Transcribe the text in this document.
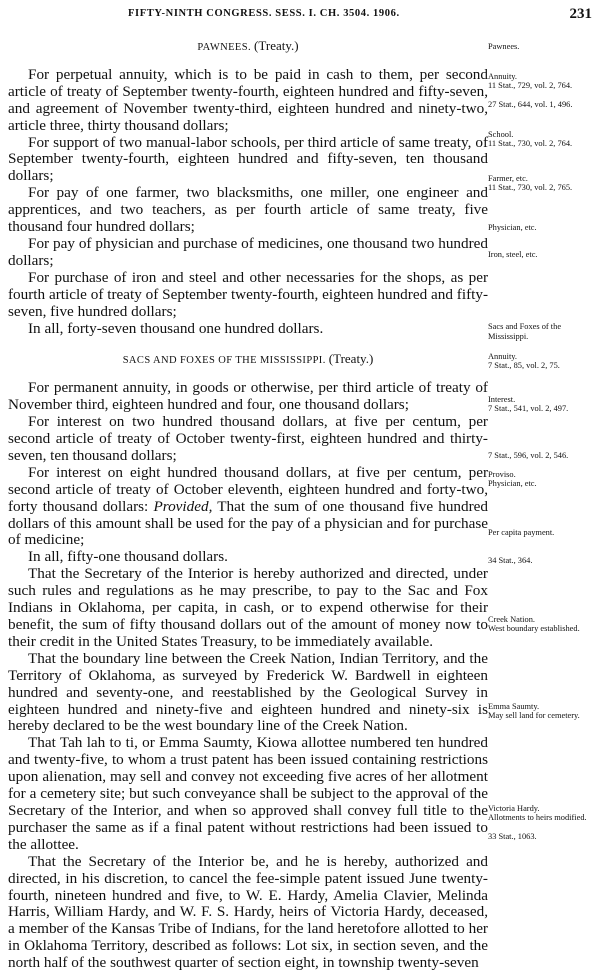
FIFTY-NINTH CONGRESS. SESS. I. CH. 3504. 1906.	231
PAWNEES. (Treaty.)

For perpetual annuity, which is to be paid in cash to them, per second article of treaty of September twenty-fourth, eighteen hundred and fifty-seven, and agreement of November twenty-third, eighteen hundred and ninety-two, article three, thirty thousand dollars;

For support of two manual-labor schools, per third article of same treaty, of September twenty-fourth, eighteen hundred and fifty-seven, ten thousand dollars;

For pay of one farmer, two blacksmiths, one miller, one engineer and apprentices, and two teachers, as per fourth article of same treaty, five thousand four hundred dollars;

For pay of physician and purchase of medicines, one thousand two hundred dollars;

For purchase of iron and steel and other necessaries for the shops, as per fourth article of treaty of September twenty-fourth, eighteen hundred and fifty-seven, five hundred dollars;

In all, forty-seven thousand one hundred dollars.

SACS AND FOXES OF THE MISSISSIPPI. (Treaty.)

For permanent annuity, in goods or otherwise, per third article of treaty of November third, eighteen hundred and four, one thousand dollars;

For interest on two hundred thousand dollars, at five per centum, per second article of treaty of October twenty-first, eighteen hundred and thirty-seven, ten thousand dollars;

For interest on eight hundred thousand dollars, at five per centum, per second article of treaty of October eleventh, eighteen hundred and forty-two, forty thousand dollars: Provided, That the sum of one thousand five hundred dollars of this amount shall be used for the pay of a physician and for purchase of medicine;

In all, fifty-one thousand dollars.

That the Secretary of the Interior is hereby authorized and directed, under such rules and regulations as he may prescribe, to pay to the Sac and Fox Indians in Oklahoma, per capita, in cash, or to expend otherwise for their benefit, the sum of fifty thousand dollars out of the amount of money now to their credit in the United States Treasury, to be immediately available.

That the boundary line between the Creek Nation, Indian Territory, and the Territory of Oklahoma, as surveyed by Frederick W. Bardwell in eighteen hundred and seventy-one, and reestablished by the Geological Survey in eighteen hundred and ninety-five and eighteen hundred and ninety-six is hereby declared to be the west boundary line of the Creek Nation.

That Tah lah to ti, or Emma Saumty, Kiowa allottee numbered ten hundred and twenty-five, to whom a trust patent has been issued containing restrictions upon alienation, may sell and convey not exceeding five acres of her allotment for a cemetery site; but such conveyance shall be subject to the approval of the Secretary of the Interior, and when so approved shall convey full title to the purchaser the same as if a final patent without restrictions had been issued to the allottee.

That the Secretary of the Interior be, and he is hereby, authorized and directed, in his discretion, to cancel the fee-simple patent issued June twenty-fourth, nineteen hundred and five, to W. E. Hardy, Amelia Clavier, Melinda Harris, William Hardy, and W. F. S. Hardy, heirs of Victoria Hardy, deceased, a member of the Kansas Tribe of Indians, for the land heretofore allotted to her in Oklahoma Territory, described as follows: Lot six, in section seven, and the north half of the southwest quarter of section eight, in township twenty-seven

Pawnees.
Annuity.
11 Stat., 729, vol. 2, 764.
27 Stat., 644, vol. 1, 496.
School.
11 Stat., 730, vol. 2, 764.
Farmer, etc.
11 Stat., 730, vol. 2, 765.
Physician, etc.
Iron, steel, etc.
Sacs and Foxes of the Mississippi.
Annuity.
7 Stat., 85, vol. 2, 75.
Interest.
7 Stat., 541, vol. 2, 497.
7 Stat., 596, vol. 2, 546.
Proviso.
Physician, etc.
Per capita payment.
34 Stat., 364.
Creek Nation.
West boundary established.
Emma Saumty.
May sell land for cemetery.
Victoria Hardy.
Allotments to heirs modified.
33 Stat., 1063.
